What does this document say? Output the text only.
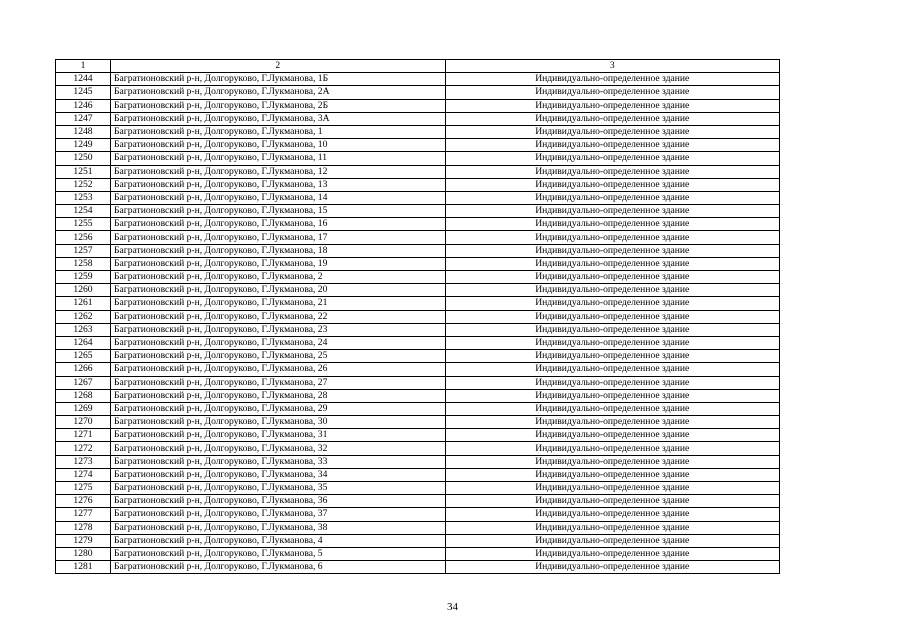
1	2	3
1244	Багратионовский р-н, Долгоруково, Г.Лукманова, 1Б	Индивидуально-определенное здание
1245	Багратионовский р-н, Долгоруково, Г.Лукманова, 2А	Индивидуально-определенное здание
1246	Багратионовский р-н, Долгоруково, Г.Лукманова, 2Б	Индивидуально-определенное здание
1247	Багратионовский р-н, Долгоруково, Г.Лукманова, 3А	Индивидуально-определенное здание
1248	Багратионовский р-н, Долгоруково, Г.Лукманова, 1	Индивидуально-определенное здание
1249	Багратионовский р-н, Долгоруково, Г.Лукманова, 10	Индивидуально-определенное здание
1250	Багратионовский р-н, Долгоруково, Г.Лукманова, 11	Индивидуально-определенное здание
1251	Багратионовский р-н, Долгоруково, Г.Лукманова, 12	Индивидуально-определенное здание
1252	Багратионовский р-н, Долгоруково, Г.Лукманова, 13	Индивидуально-определенное здание
1253	Багратионовский р-н, Долгоруково, Г.Лукманова, 14	Индивидуально-определенное здание
1254	Багратионовский р-н, Долгоруково, Г.Лукманова, 15	Индивидуально-определенное здание
1255	Багратионовский р-н, Долгоруково, Г.Лукманова, 16	Индивидуально-определенное здание
1256	Багратионовский р-н, Долгоруково, Г.Лукманова, 17	Индивидуально-определенное здание
1257	Багратионовский р-н, Долгоруково, Г.Лукманова, 18	Индивидуально-определенное здание
1258	Багратионовский р-н, Долгоруково, Г.Лукманова, 19	Индивидуально-определенное здание
1259	Багратионовский р-н, Долгоруково, Г.Лукманова, 2	Индивидуально-определенное здание
1260	Багратионовский р-н, Долгоруково, Г.Лукманова, 20	Индивидуально-определенное здание
1261	Багратионовский р-н, Долгоруково, Г.Лукманова, 21	Индивидуально-определенное здание
1262	Багратионовский р-н, Долгоруково, Г.Лукманова, 22	Индивидуально-определенное здание
1263	Багратионовский р-н, Долгоруково, Г.Лукманова, 23	Индивидуально-определенное здание
1264	Багратионовский р-н, Долгоруково, Г.Лукманова, 24	Индивидуально-определенное здание
1265	Багратионовский р-н, Долгоруково, Г.Лукманова, 25	Индивидуально-определенное здание
1266	Багратионовский р-н, Долгоруково, Г.Лукманова, 26	Индивидуально-определенное здание
1267	Багратионовский р-н, Долгоруково, Г.Лукманова, 27	Индивидуально-определенное здание
1268	Багратионовский р-н, Долгоруково, Г.Лукманова, 28	Индивидуально-определенное здание
1269	Багратионовский р-н, Долгоруково, Г.Лукманова, 29	Индивидуально-определенное здание
1270	Багратионовский р-н, Долгоруково, Г.Лукманова, 30	Индивидуально-определенное здание
1271	Багратионовский р-н, Долгоруково, Г.Лукманова, 31	Индивидуально-определенное здание
1272	Багратионовский р-н, Долгоруково, Г.Лукманова, 32	Индивидуально-определенное здание
1273	Багратионовский р-н, Долгоруково, Г.Лукманова, 33	Индивидуально-определенное здание
1274	Багратионовский р-н, Долгоруково, Г.Лукманова, 34	Индивидуально-определенное здание
1275	Багратионовский р-н, Долгоруково, Г.Лукманова, 35	Индивидуально-определенное здание
1276	Багратионовский р-н, Долгоруково, Г.Лукманова, 36	Индивидуально-определенное здание
1277	Багратионовский р-н, Долгоруково, Г.Лукманова, 37	Индивидуально-определенное здание
1278	Багратионовский р-н, Долгоруково, Г.Лукманова, 38	Индивидуально-определенное здание
1279	Багратионовский р-н, Долгоруково, Г.Лукманова, 4	Индивидуально-определенное здание
1280	Багратионовский р-н, Долгоруково, Г.Лукманова, 5	Индивидуально-определенное здание
1281	Багратионовский р-н, Долгоруково, Г.Лукманова, 6	Индивидуально-определенное здание
34
